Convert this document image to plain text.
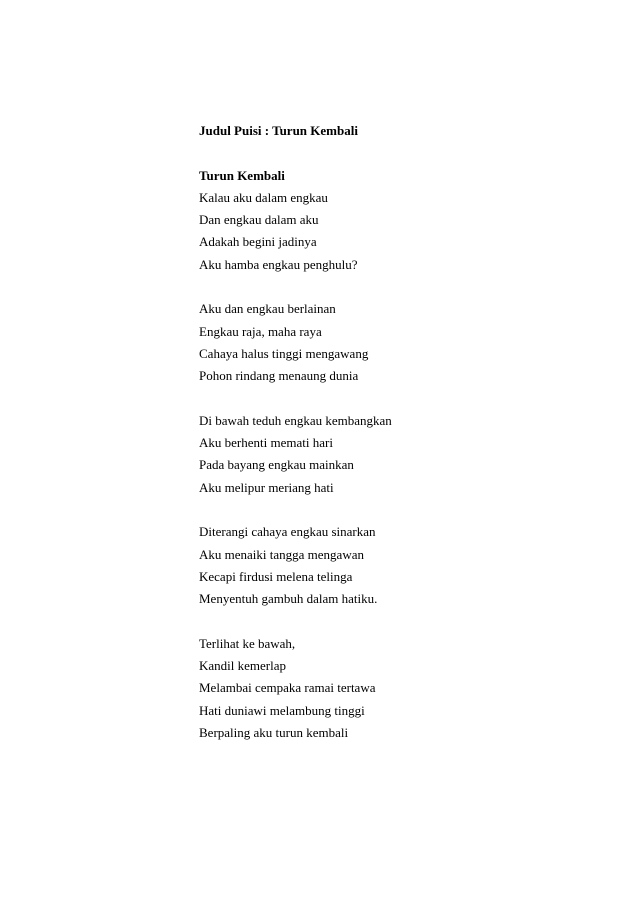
Judul Puisi : Turun Kembali
Turun Kembali
Kalau aku dalam engkau
Dan engkau dalam aku
Adakah begini jadinya
Aku hamba engkau penghulu?
Aku dan engkau berlainan
Engkau raja, maha raya
Cahaya halus tinggi mengawang
Pohon rindang menaung dunia
Di bawah teduh engkau kembangkan
Aku berhenti memati hari
Pada bayang engkau mainkan
Aku melipur meriang hati
Diterangi cahaya engkau sinarkan
Aku menaiki tangga mengawan
Kecapi firdusi melena telinga
Menyentuh gambuh dalam hatiku.
Terlihat ke bawah,
Kandil kemerlap
Melambai cempaka ramai tertawa
Hati duniawi melambung tinggi
Berpaling aku turun kembali
